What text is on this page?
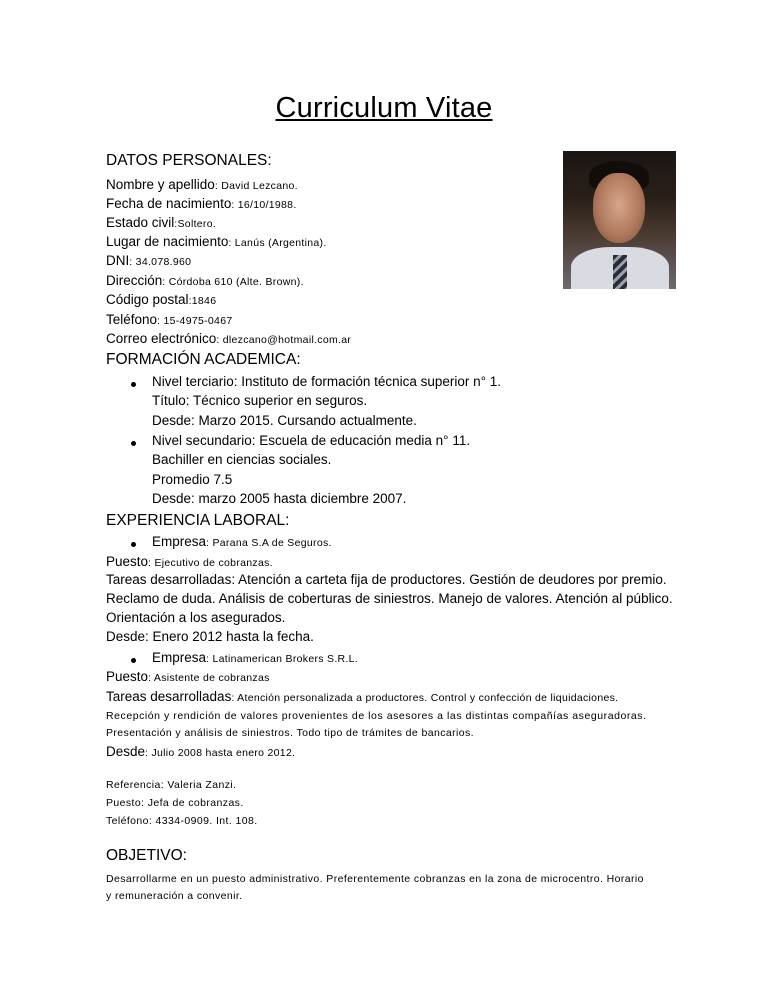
Curriculum Vitae
DATOS PERSONALES:
Nombre y apellido: David Lezcano.
Fecha de nacimiento: 16/10/1988.
Estado civil:Soltero.
Lugar de nacimiento: Lanús (Argentina).
DNI: 34.078.960
Dirección: Córdoba 610 (Alte. Brown).
Código postal:1846
Teléfono: 15-4975-0467
Correo electrónico: dlezcano@hotmail.com.ar
FORMACIÓN ACADEMICA:
Nivel terciario: Instituto de formación técnica superior n° 1.
Título: Técnico superior en seguros.
Desde: Marzo 2015. Cursando actualmente.
Nivel secundario: Escuela de educación media n° 11.
Bachiller en ciencias sociales.
Promedio 7.5
Desde: marzo 2005 hasta diciembre 2007.
EXPERIENCIA LABORAL:
Empresa: Parana S.A de Seguros.
Puesto: Ejecutivo de cobranzas.
Tareas desarrolladas: Atención a carteta fija de productores. Gestión de deudores por premio.
Reclamo de duda. Análisis de coberturas de siniestros. Manejo de valores. Atención al público.
Orientación a los asegurados.
Desde: Enero 2012 hasta la fecha.
Empresa: Latinamerican Brokers S.R.L.
Puesto: Asistente de cobranzas
Tareas desarrolladas: Atención personalizada a productores. Control y confección de liquidaciones.
Recepción y rendición de valores provenientes de los asesores a las distintas compañías aseguradoras.
Presentación y análisis de siniestros. Todo tipo de trámites de bancarios.
Desde: Julio 2008 hasta enero 2012.
Referencia: Valeria Zanzi.
Puesto: Jefa de cobranzas.
Teléfono: 4334-0909. Int. 108.
OBJETIVO:
Desarrollarme en un puesto administrativo. Preferentemente cobranzas en la zona de microcentro. Horario
y remuneración a convenir.
